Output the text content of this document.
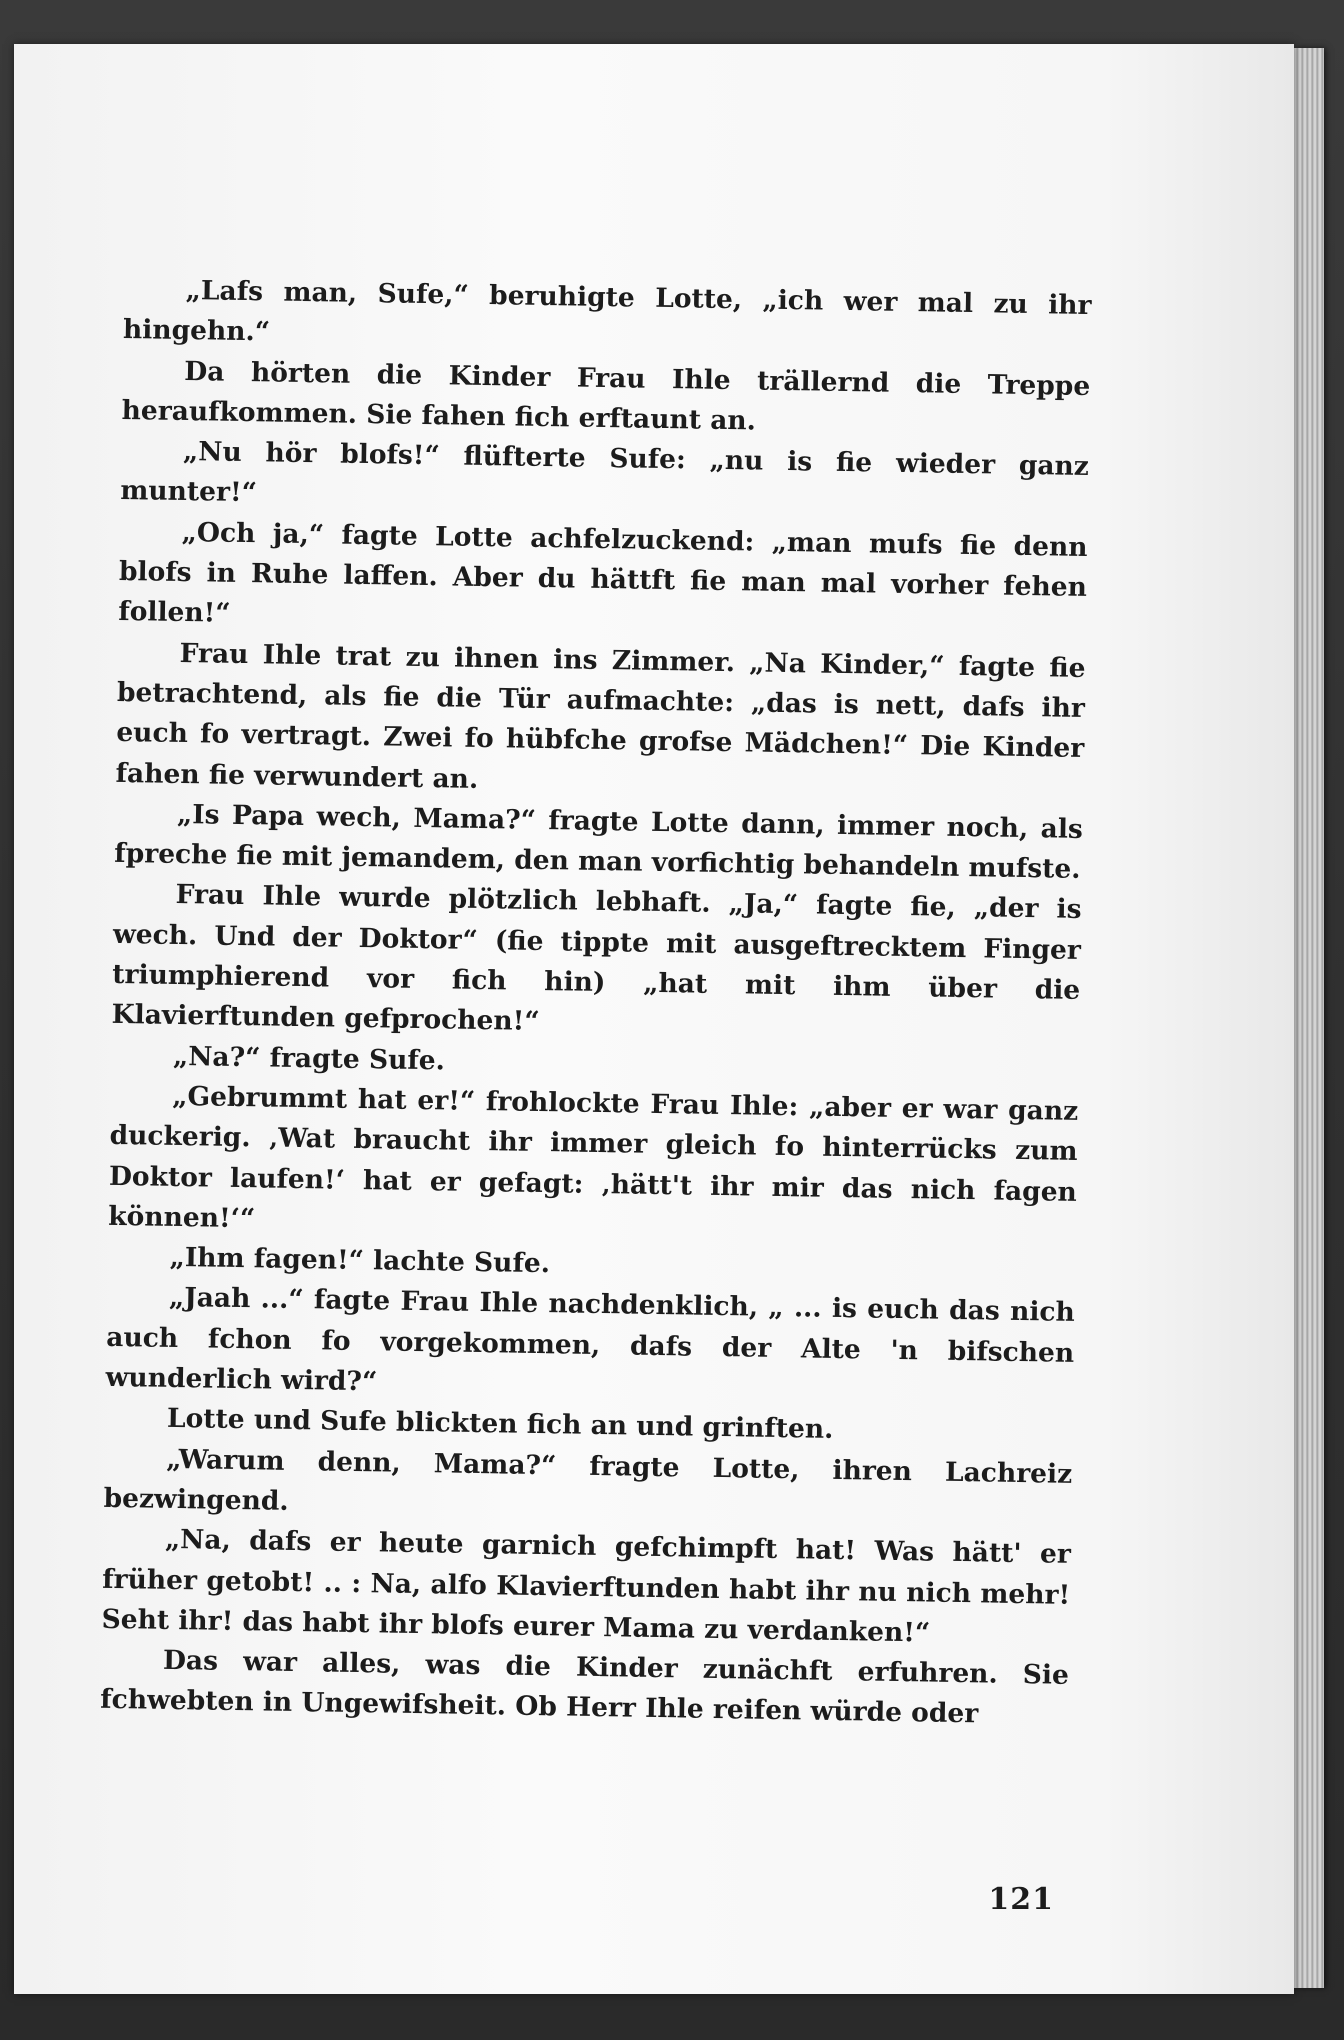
„Lafs man, Sufe,“ beruhigte Lotte, „ich wer mal zu ihr hingehn.“

Da hörten die Kinder Frau Ihle trällernd die Treppe heraufkommen. Sie fahen fich erftaunt an.

„Nu hör blofs!“ flüfterte Sufe: „nu is fie wieder ganz munter!“

„Och ja,“ fagte Lotte achfelzuckend: „man mufs fie denn blofs in Ruhe laffen. Aber du hättft fie man mal vorher fehen follen!“

Frau Ihle trat zu ihnen ins Zimmer. „Na Kinder,“ fagte fie betrachtend, als fie die Tür aufmachte: „das is nett, dafs ihr euch fo vertragt. Zwei fo hübfche grofse Mädchen!“ Die Kinder fahen fie verwundert an.

„Is Papa wech, Mama?“ fragte Lotte dann, immer noch, als fpreche fie mit jemandem, den man vorfichtig behandeln mufste.

Frau Ihle wurde plötzlich lebhaft. „Ja,“ fagte fie, „der is wech. Und der Doktor“ (fie tippte mit ausgeftrecktem Finger triumphierend vor fich hin) „hat mit ihm über die Klavierftunden gefprochen!“

„Na?“ fragte Sufe.

„Gebrummt hat er!“ frohlockte Frau Ihle: „aber er war ganz duckerig. ‚Wat braucht ihr immer gleich fo hinterrücks zum Doktor laufen!‘ hat er gefagt: ‚hätt't ihr mir das nich fagen können!‘“

„Ihm fagen!“ lachte Sufe.

„Jaah ...“ fagte Frau Ihle nachdenklich, „ ... is euch das nich auch fchon fo vorgekommen, dafs der Alte 'n bifschen wunderlich wird?“

Lotte und Sufe blickten fich an und grinften.

„Warum denn, Mama?“ fragte Lotte, ihren Lachreiz bezwingend.

„Na, dafs er heute garnich gefchimpft hat! Was hätt' er früher getobt! .. : Na, alfo Klavierftunden habt ihr nu nich mehr! Seht ihr! das habt ihr blofs eurer Mama zu verdanken!“

Das war alles, was die Kinder zunächft erfuhren. Sie fchwebten in Ungewifsheit. Ob Herr Ihle reifen würde oder

121
